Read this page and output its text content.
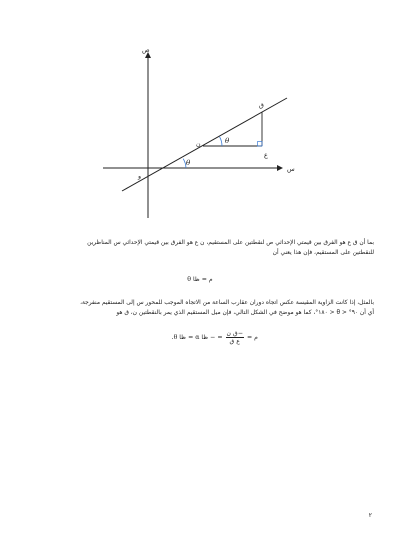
ص
س
و
ق
ن
ع
θ
θ

بما أن ق ع هو الفرق بين قيمتي الإحداثي ص لنقطتين على المستقيم، ن ع هو الفرق بين قيمتي الإحداثي س المناظرين

للنقطتين على المستقيم، فإن هذا يعني أن

م = ظا θ

بالمثل، إذا كانت الزاوية المقيسة عكس اتجاه دوران عقارب الساعة من الاتجاه الموجب للمحور س إلى المستقيم منفرجة،

أي أن ٩٠° < θ < ١٨٠°، كما هو موضح في الشكل التالي، فإن ميل المستقيم الذي يمر بالنقطتين ن، ق هو

م =
$\frac{\text{−ق ن}}{\text{ع ق}}$
= − ظا α = ظا θ.
٢
